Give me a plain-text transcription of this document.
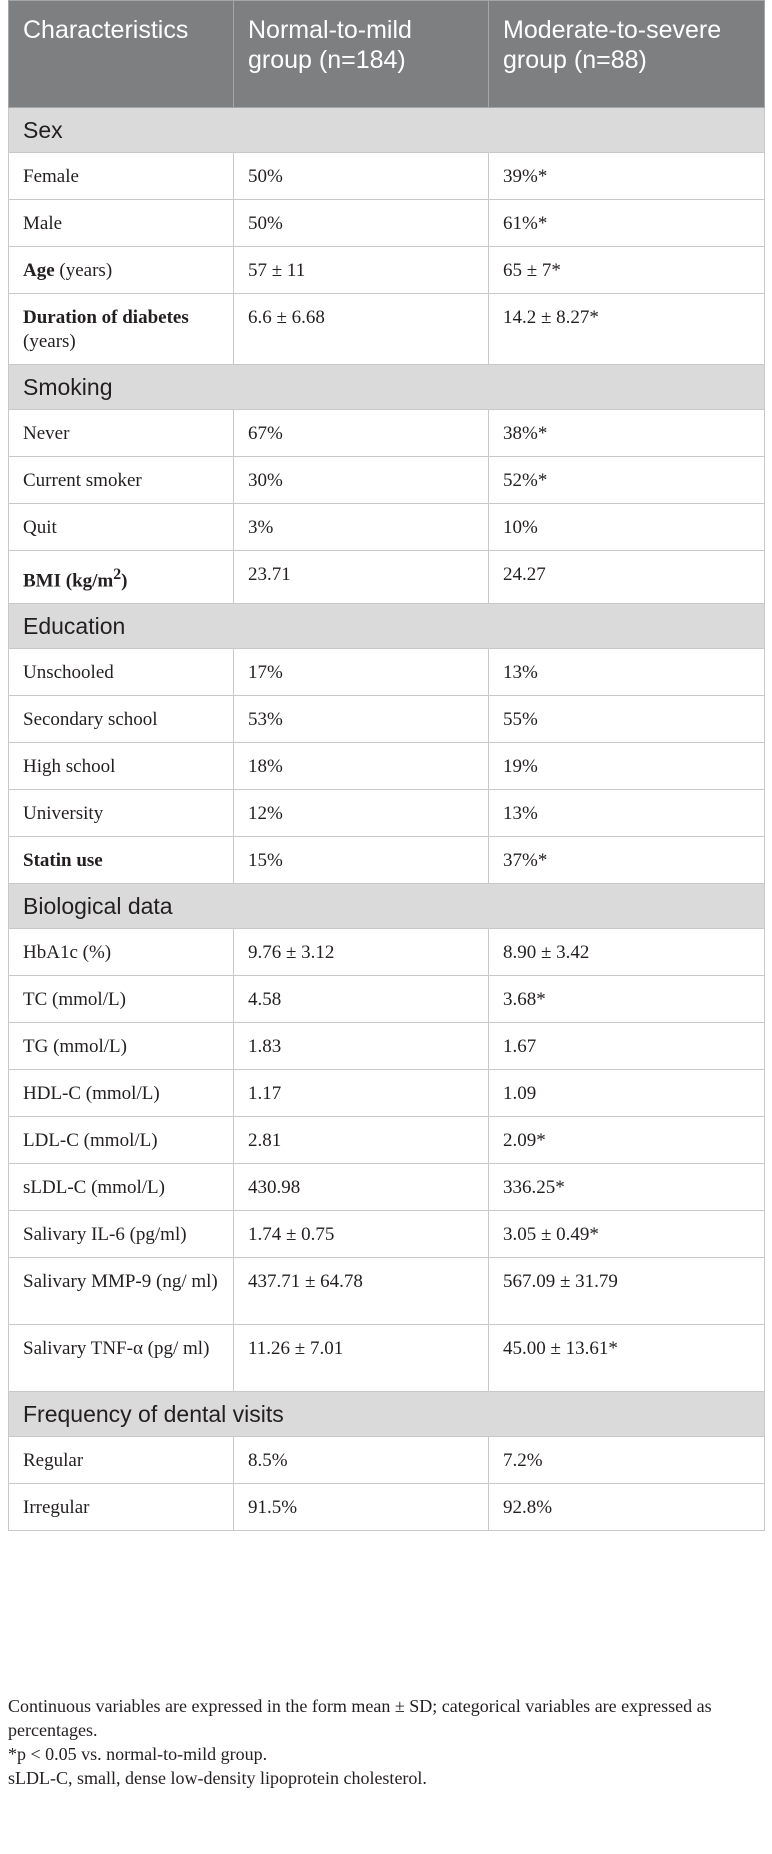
Characteristics	Normal-to-mild group (n=184)	Moderate-to-severe group (n=88)
Sex		
Female	50%	39%*
Male	50%	61%*
Age (years)	57 ± 11	65 ± 7*
Duration of diabetes (years)	6.6 ± 6.68	14.2 ± 8.27*
Smoking		
Never	67%	38%*
Current smoker	30%	52%*
Quit	3%	10%
BMI $(kg/m^2)$	23.71	24.27
Education		
Unschooled	17%	13%
Secondary school	53%	55%
High school	18%	19%
University	12%	13%
Statin use	15%	37%*
Biological data		
HbA1c (%)	9.76 ± 3.12	8.90 ± 3.42
TC (mmol/L)	4.58	3.68*
TG (mmol/L)	1.83	1.67
HDL-C (mmol/L)	1.17	1.09
LDL-C (mmol/L)	2.81	2.09*
sLDL-C (mmol/L)	430.98	336.25*
Salivary IL-6 (pg/ml)	1.74 ± 0.75	3.05 ± 0.49*
Salivary MMP-9 (ng/ ml)	437.71 ± 64.78	567.09 ± 31.79
Salivary TNF-α (pg/ ml)	11.26 ± 7.01	45.00 ± 13.61*
Frequency of dental visits		
Regular	8.5%	7.2%
Irregular	91.5%	92.8%

Continuous variables are expressed in the form mean ± SD; categorical variables are expressed as percentages.

*p < 0.05 vs. normal-to-mild group.

sLDL-C, small, dense low-density lipoprotein cholesterol.
